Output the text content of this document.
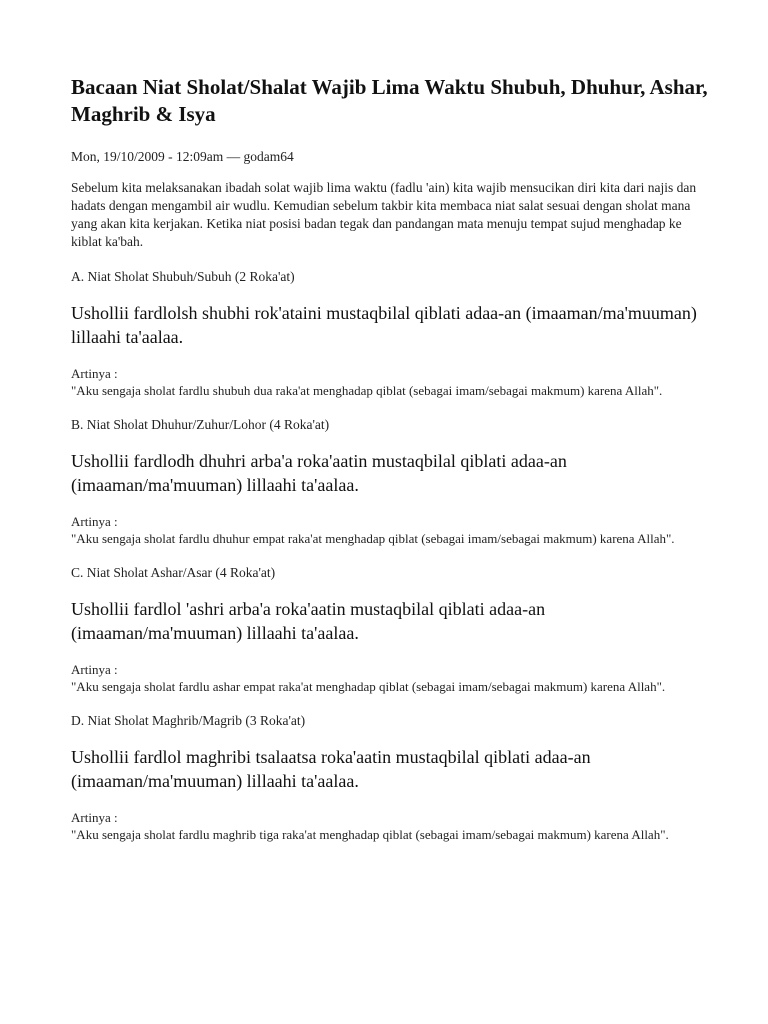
Bacaan Niat Sholat/Shalat Wajib Lima Waktu Shubuh, Dhuhur, Ashar, Maghrib & Isya

Mon, 19/10/2009 - 12:09am — godam64

Sebelum kita melaksanakan ibadah solat wajib lima waktu (fadlu 'ain) kita wajib mensucikan diri kita dari najis dan hadats dengan mengambil air wudlu. Kemudian sebelum takbir kita membaca niat salat sesuai dengan sholat mana yang akan kita kerjakan. Ketika niat posisi badan tegak dan pandangan mata menuju tempat sujud menghadap ke kiblat ka'bah.

A. Niat Sholat Shubuh/Subuh (2 Roka'at)

Ushollii fardlolsh shubhi rok'ataini mustaqbilal qiblati adaa-an (imaaman/ma'muuman) lillaahi ta'aalaa.

Artinya :
"Aku sengaja sholat fardlu shubuh dua raka'at menghadap qiblat (sebagai imam/sebagai makmum) karena Allah".

B. Niat Sholat Dhuhur/Zuhur/Lohor (4 Roka'at)

Ushollii fardlodh dhuhri arba'a roka'aatin mustaqbilal qiblati adaa-an (imaaman/ma'muuman) lillaahi ta'aalaa.

Artinya :
"Aku sengaja sholat fardlu dhuhur empat raka'at menghadap qiblat (sebagai imam/sebagai makmum) karena Allah".

C. Niat Sholat Ashar/Asar (4 Roka'at)

Ushollii fardlol 'ashri arba'a roka'aatin mustaqbilal qiblati adaa-an (imaaman/ma'muuman) lillaahi ta'aalaa.

Artinya :
"Aku sengaja sholat fardlu ashar empat raka'at menghadap qiblat (sebagai imam/sebagai makmum) karena Allah".

D. Niat Sholat Maghrib/Magrib (3 Roka'at)

Ushollii fardlol maghribi tsalaatsa roka'aatin mustaqbilal qiblati adaa-an (imaaman/ma'muuman) lillaahi ta'aalaa.

Artinya :
"Aku sengaja sholat fardlu maghrib tiga raka'at menghadap qiblat (sebagai imam/sebagai makmum) karena Allah".
